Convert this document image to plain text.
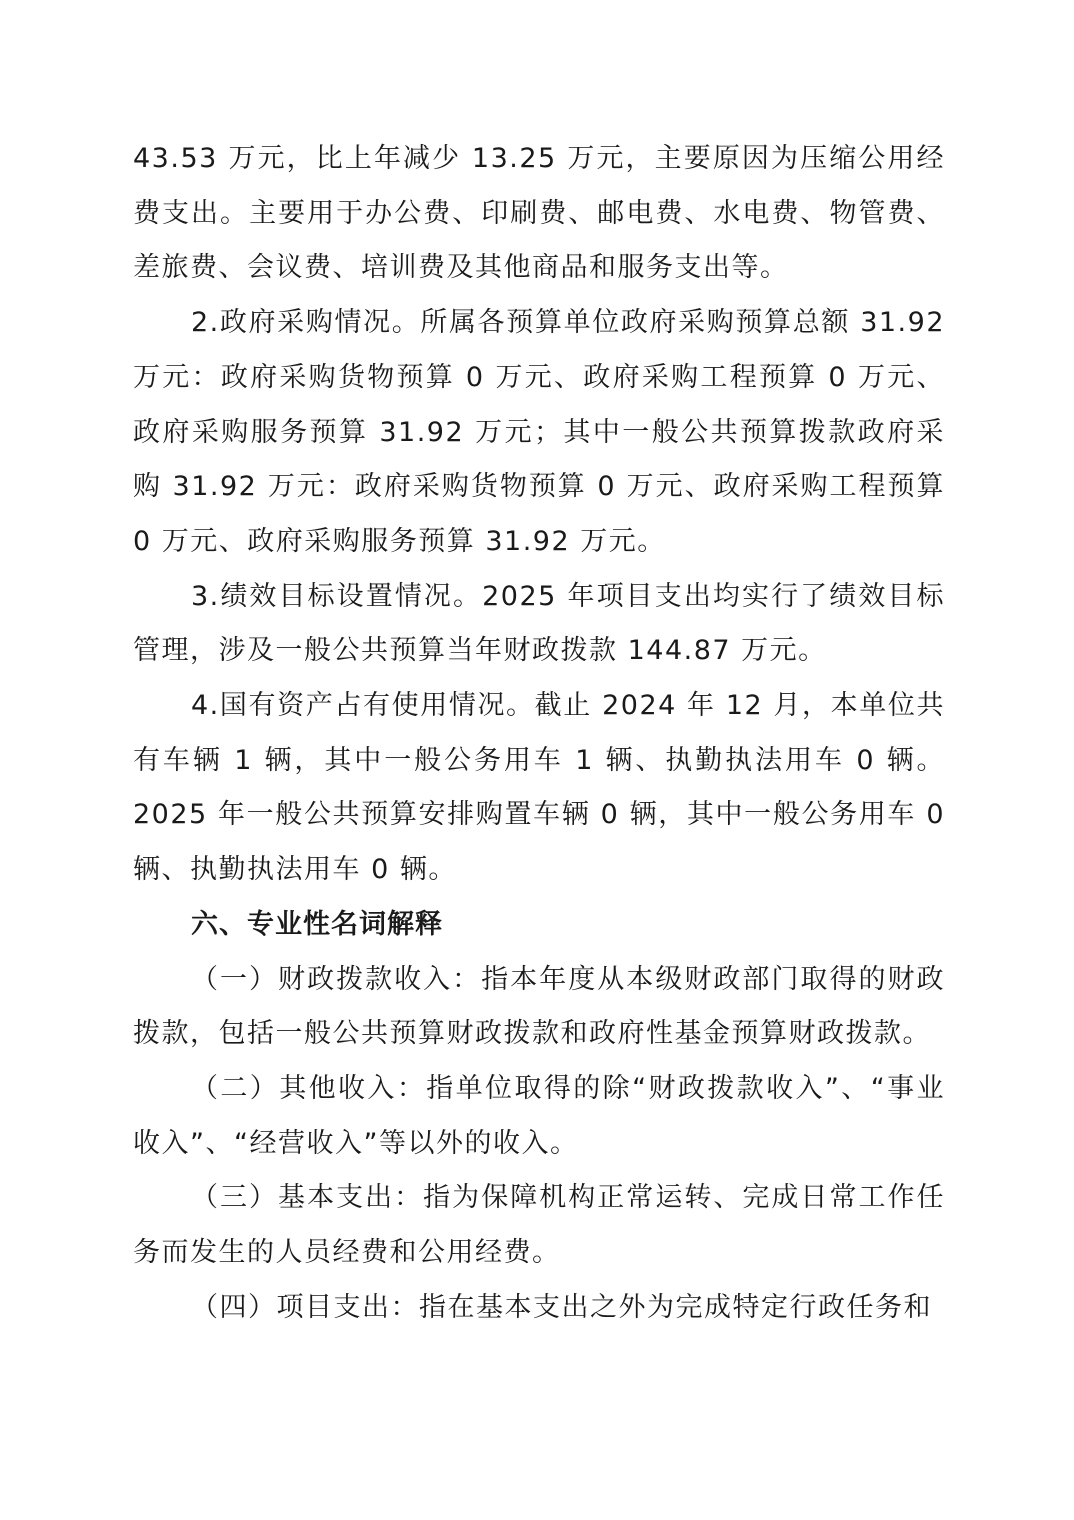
43.53 万元，比上年减少 13.25 万元，主要原因为压缩公用经费支出。主要用于办公费、印刷费、邮电费、水电费、物管费、差旅费、会议费、培训费及其他商品和服务支出等。

2.政府采购情况。所属各预算单位政府采购预算总额 31.92 万元：政府采购货物预算 0 万元、政府采购工程预算 0 万元、政府采购服务预算 31.92 万元；其中一般公共预算拨款政府采购 31.92 万元：政府采购货物预算 0 万元、政府采购工程预算 0 万元、政府采购服务预算 31.92 万元。

3.绩效目标设置情况。2025 年项目支出均实行了绩效目标管理，涉及一般公共预算当年财政拨款 144.87 万元。

4.国有资产占有使用情况。截止 2024 年 12 月，本单位共有车辆 1 辆，其中一般公务用车 1 辆、执勤执法用车 0 辆。2025 年一般公共预算安排购置车辆 0 辆，其中一般公务用车 0 辆、执勤执法用车 0 辆。

六、专业性名词解释

（一）财政拨款收入：指本年度从本级财政部门取得的财政拨款，包括一般公共预算财政拨款和政府性基金预算财政拨款。

（二）其他收入：指单位取得的除“财政拨款收入”、“事业收入”、“经营收入”等以外的收入。

（三）基本支出：指为保障机构正常运转、完成日常工作任务而发生的人员经费和公用经费。

（四）项目支出：指在基本支出之外为完成特定行政任务和
